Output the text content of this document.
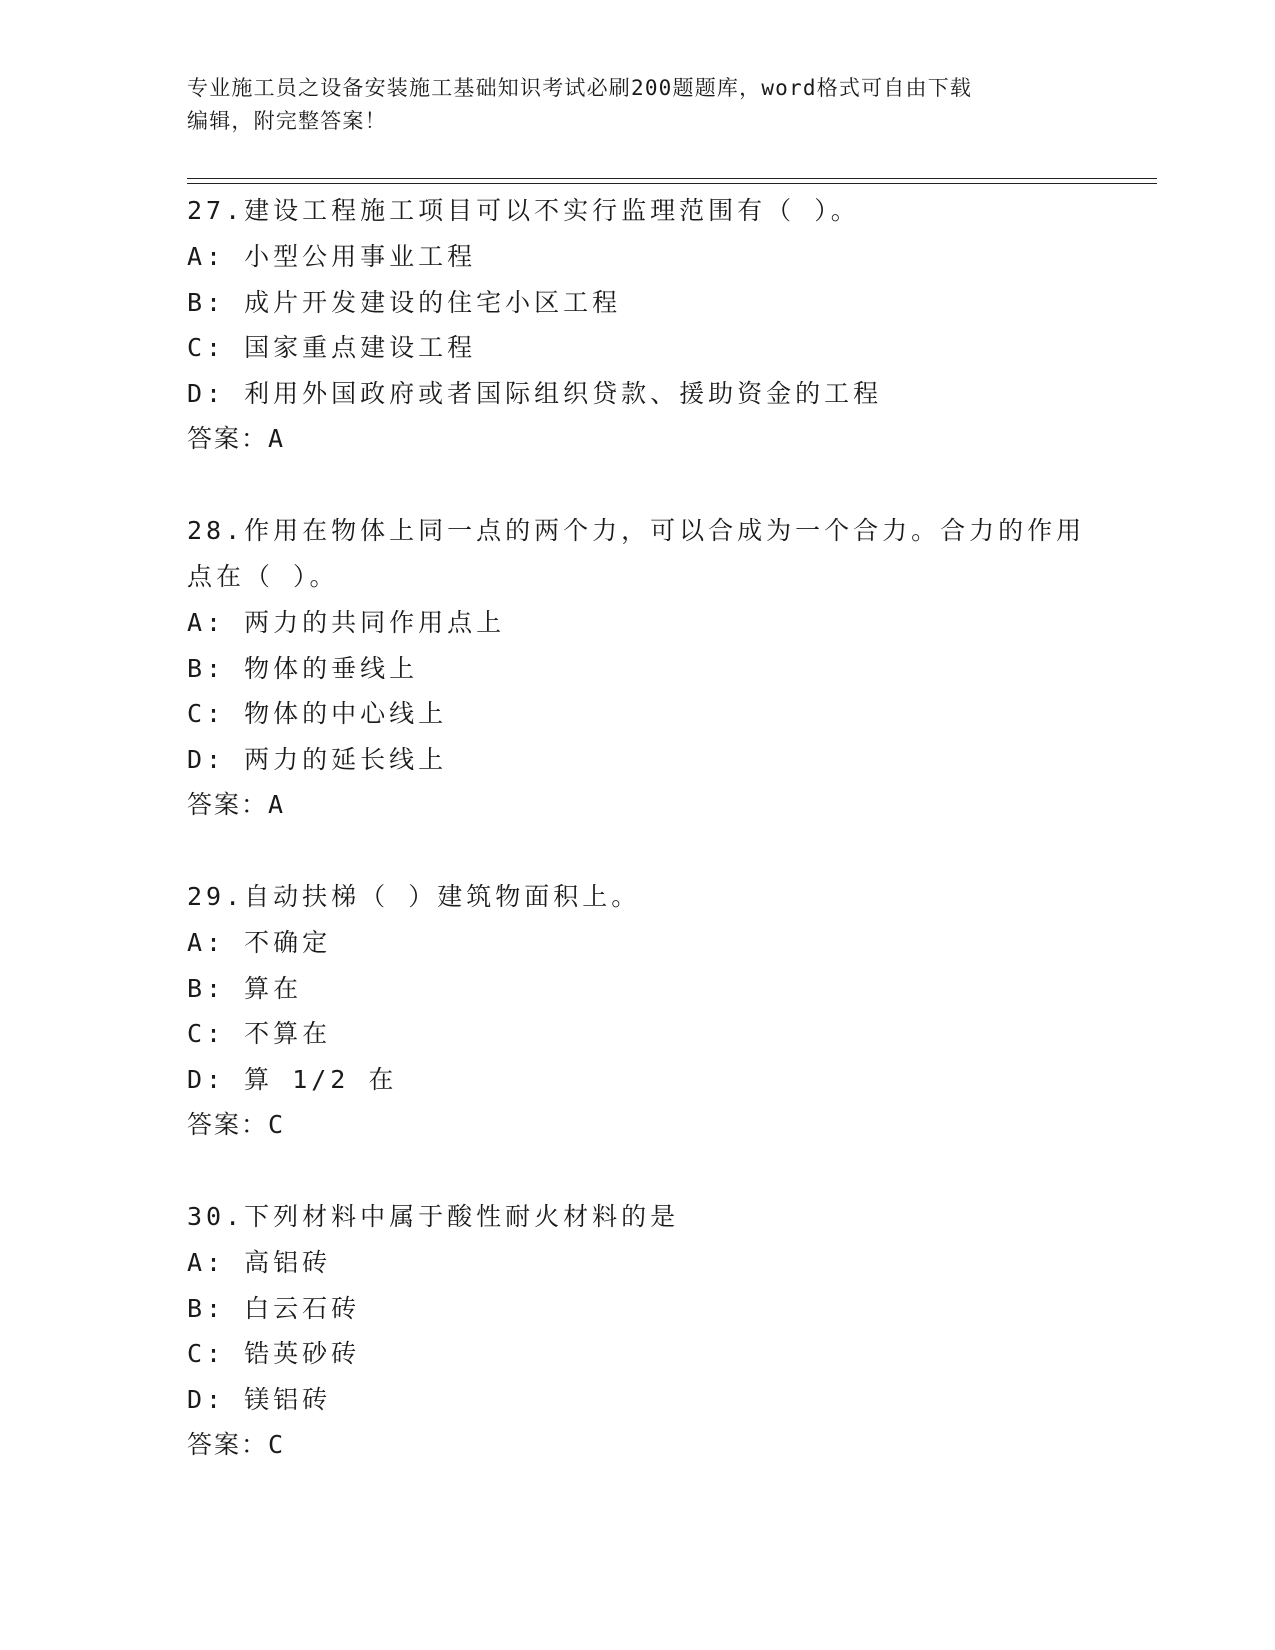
专业施工员之设备安装施工基础知识考试必刷200题题库，word格式可自由下载
编辑，附完整答案！
27.建设工程施工项目可以不实行监理范围有（ ）。
A: 小型公用事业工程
B: 成片开发建设的住宅小区工程
C: 国家重点建设工程
D: 利用外国政府或者国际组织贷款、援助资金的工程
答案：A
28.作用在物体上同一点的两个力，可以合成为一个合力。合力的作用
点在（ ）。
A: 两力的共同作用点上
B: 物体的垂线上
C: 物体的中心线上
D: 两力的延长线上
答案：A
29.自动扶梯（ ）建筑物面积上。
A: 不确定
B: 算在
C: 不算在
D: 算 1/2 在
答案：C
30.下列材料中属于酸性耐火材料的是
A: 高铝砖
B: 白云石砖
C: 锆英砂砖
D: 镁铝砖
答案：C
